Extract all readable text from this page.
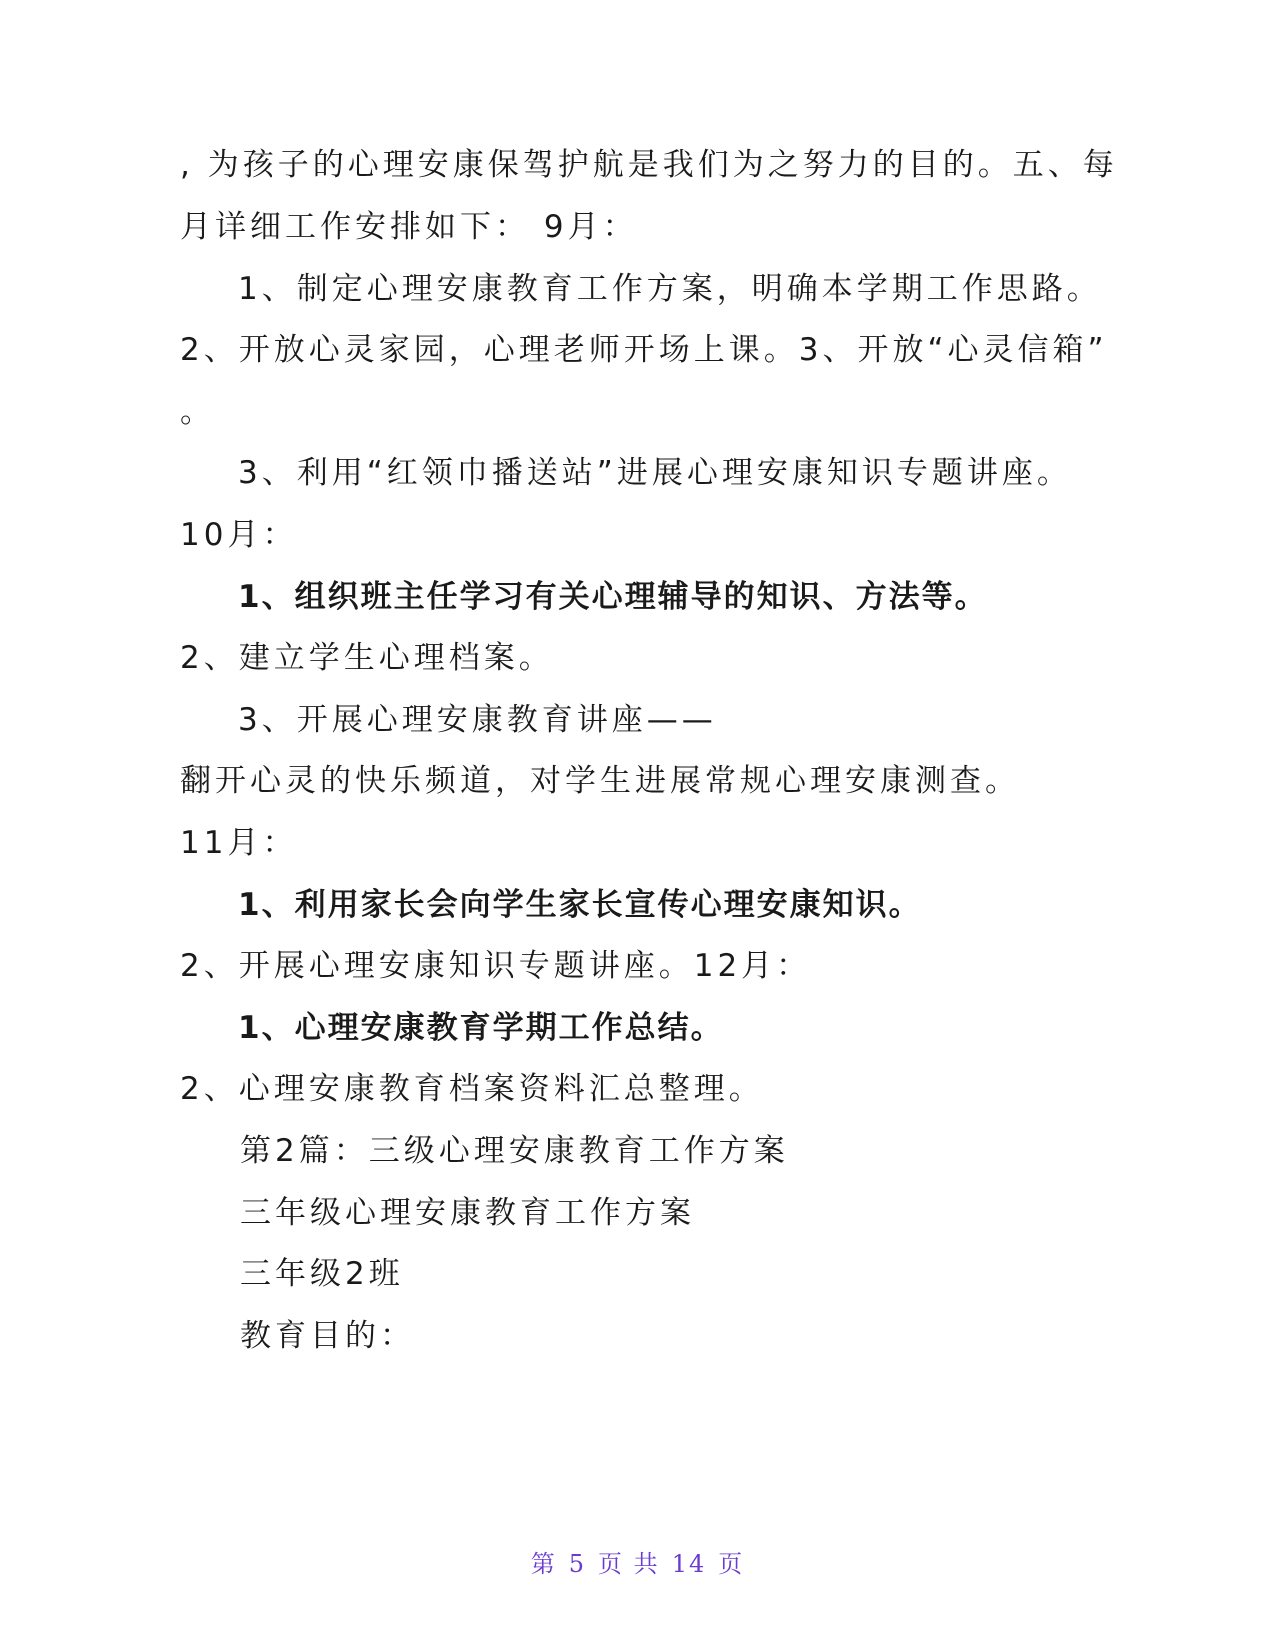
, 为孩子的心理安康保驾护航是我们为之努力的目的。五、每
月详细工作安排如下： 9月：
1、制定心理安康教育工作方案，明确本学期工作思路。
2、开放心灵家园，心理老师开场上课。3、开放“心灵信箱”
。
3、利用“红领巾播送站”进展心理安康知识专题讲座。
10月：
1、组织班主任学习有关心理辅导的知识、方法等。
2、建立学生心理档案。
3、开展心理安康教育讲座——
翻开心灵的快乐频道，对学生进展常规心理安康测查。
11月：
1、利用家长会向学生家长宣传心理安康知识。
2、开展心理安康知识专题讲座。12月：
1、心理安康教育学期工作总结。
2、心理安康教育档案资料汇总整理。
第2篇：三级心理安康教育工作方案
三年级心理安康教育工作方案
三年级2班
教育目的：
第 5 页 共 14 页
